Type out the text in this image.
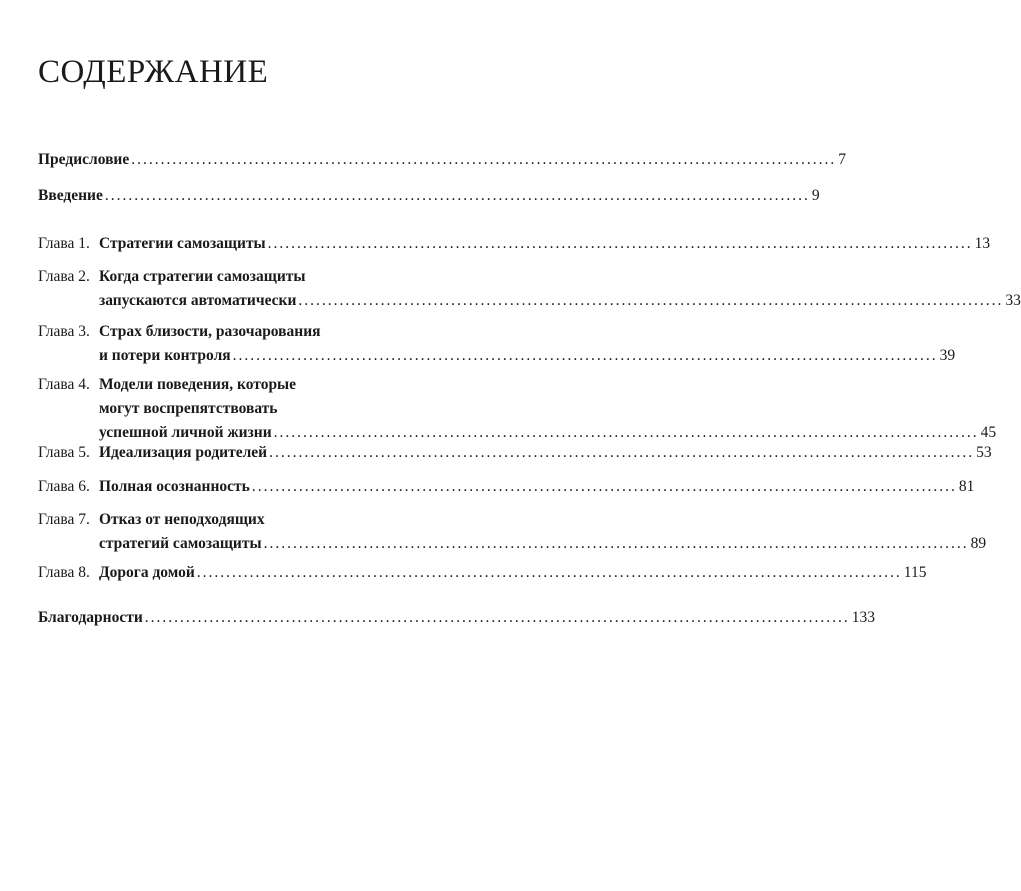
СОДЕРЖАНИЕ
Предисловие ........................................................................................................................ 7
Введение ........................................................................................................................ 9
Глава 1. Стратегии самозащиты ........................................................................................................................ 13
Глава 2. Когда стратегии самозащиты
запускаются автоматически ........................................................................................................................ 33
Глава 3. Страх близости, разочарования
и потери контроля ........................................................................................................................ 39
Глава 4. Модели поведения, которые
могут воспрепятствовать
успешной личной жизни ........................................................................................................................ 45
Глава 5. Идеализация родителей ........................................................................................................................ 53
Глава 6. Полная осознанность ........................................................................................................................ 81
Глава 7. Отказ от неподходящих
стратегий самозащиты ........................................................................................................................ 89
Глава 8. Дорога домой ........................................................................................................................ 115
Благодарности ........................................................................................................................ 133
